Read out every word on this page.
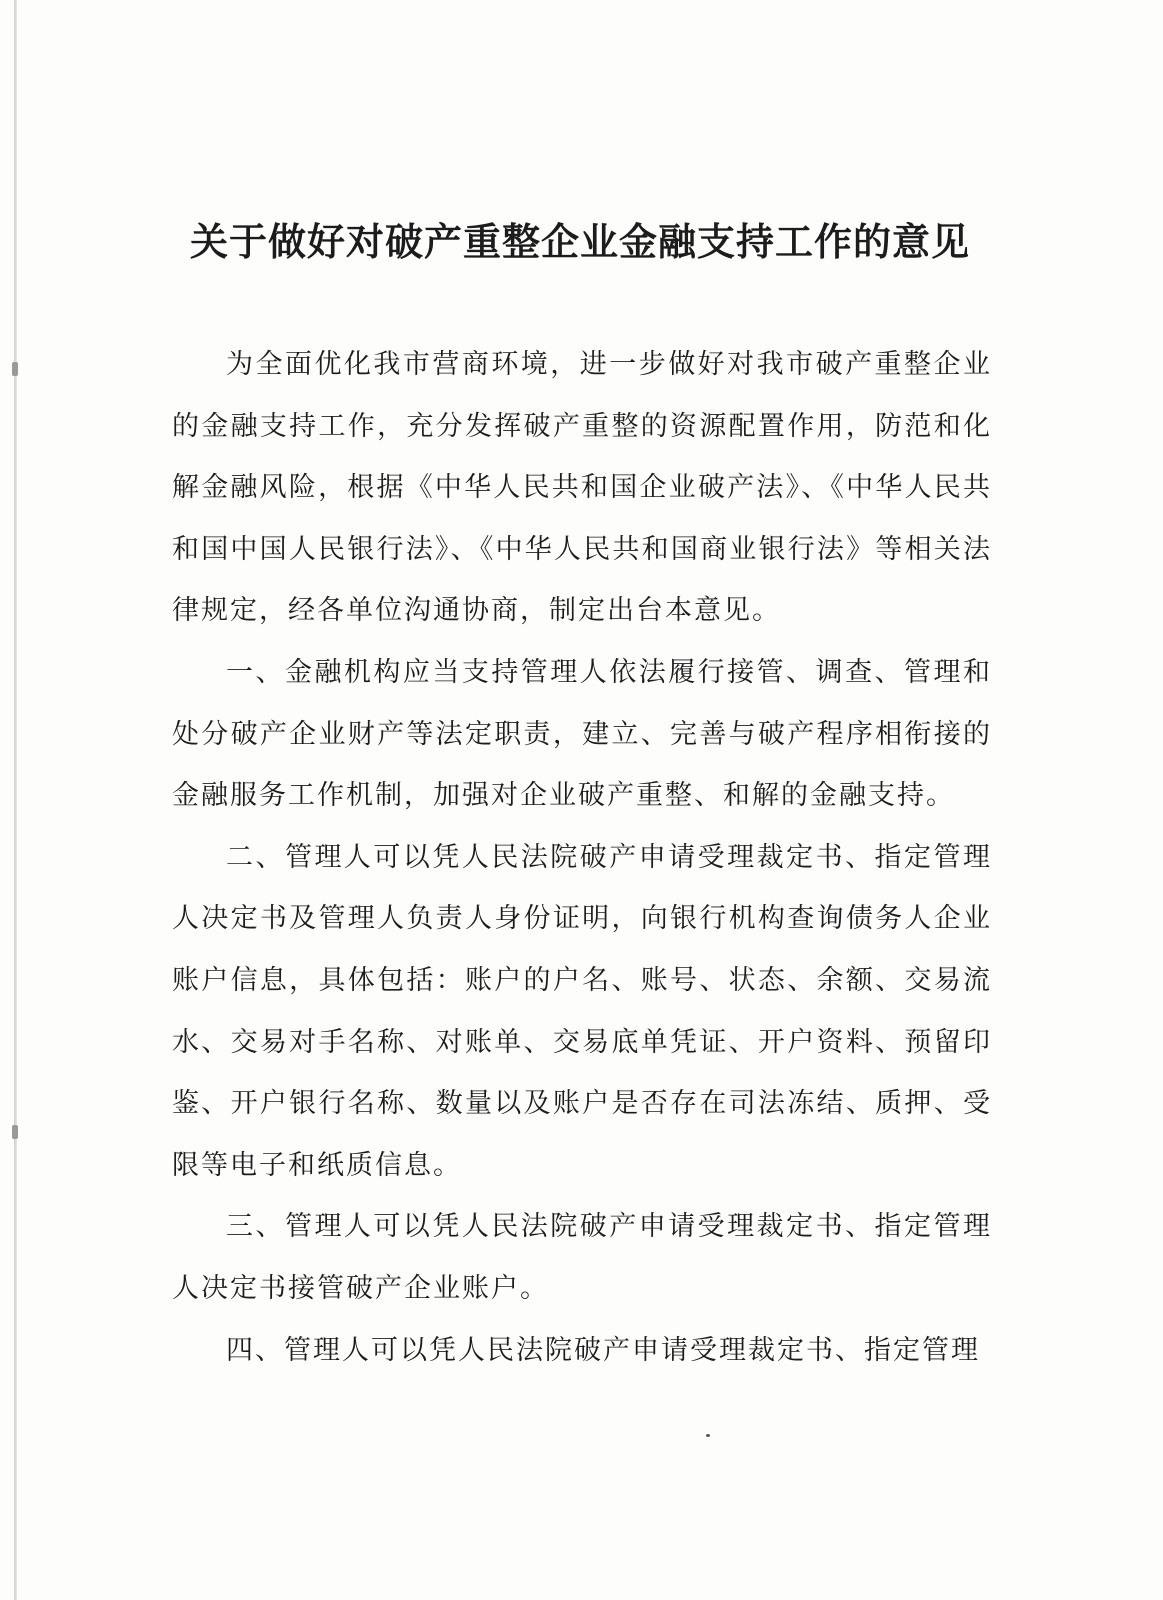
关于做好对破产重整企业金融支持工作的意见

为全面优化我市营商环境，进一步做好对我市破产重整企业的金融支持工作，充分发挥破产重整的资源配置作用，防范和化解金融风险，根据《中华人民共和国企业破产法》、《中华人民共和国中国人民银行法》、《中华人民共和国商业银行法》等相关法律规定，经各单位沟通协商，制定出台本意见。

一、金融机构应当支持管理人依法履行接管、调查、管理和处分破产企业财产等法定职责，建立、完善与破产程序相衔接的金融服务工作机制，加强对企业破产重整、和解的金融支持。

二、管理人可以凭人民法院破产申请受理裁定书、指定管理人决定书及管理人负责人身份证明，向银行机构查询债务人企业账户信息，具体包括：账户的户名、账号、状态、余额、交易流水、交易对手名称、对账单、交易底单凭证、开户资料、预留印鉴、开户银行名称、数量以及账户是否存在司法冻结、质押、受限等电子和纸质信息。

三、管理人可以凭人民法院破产申请受理裁定书、指定管理人决定书接管破产企业账户。

四、管理人可以凭人民法院破产申请受理裁定书、指定管理
